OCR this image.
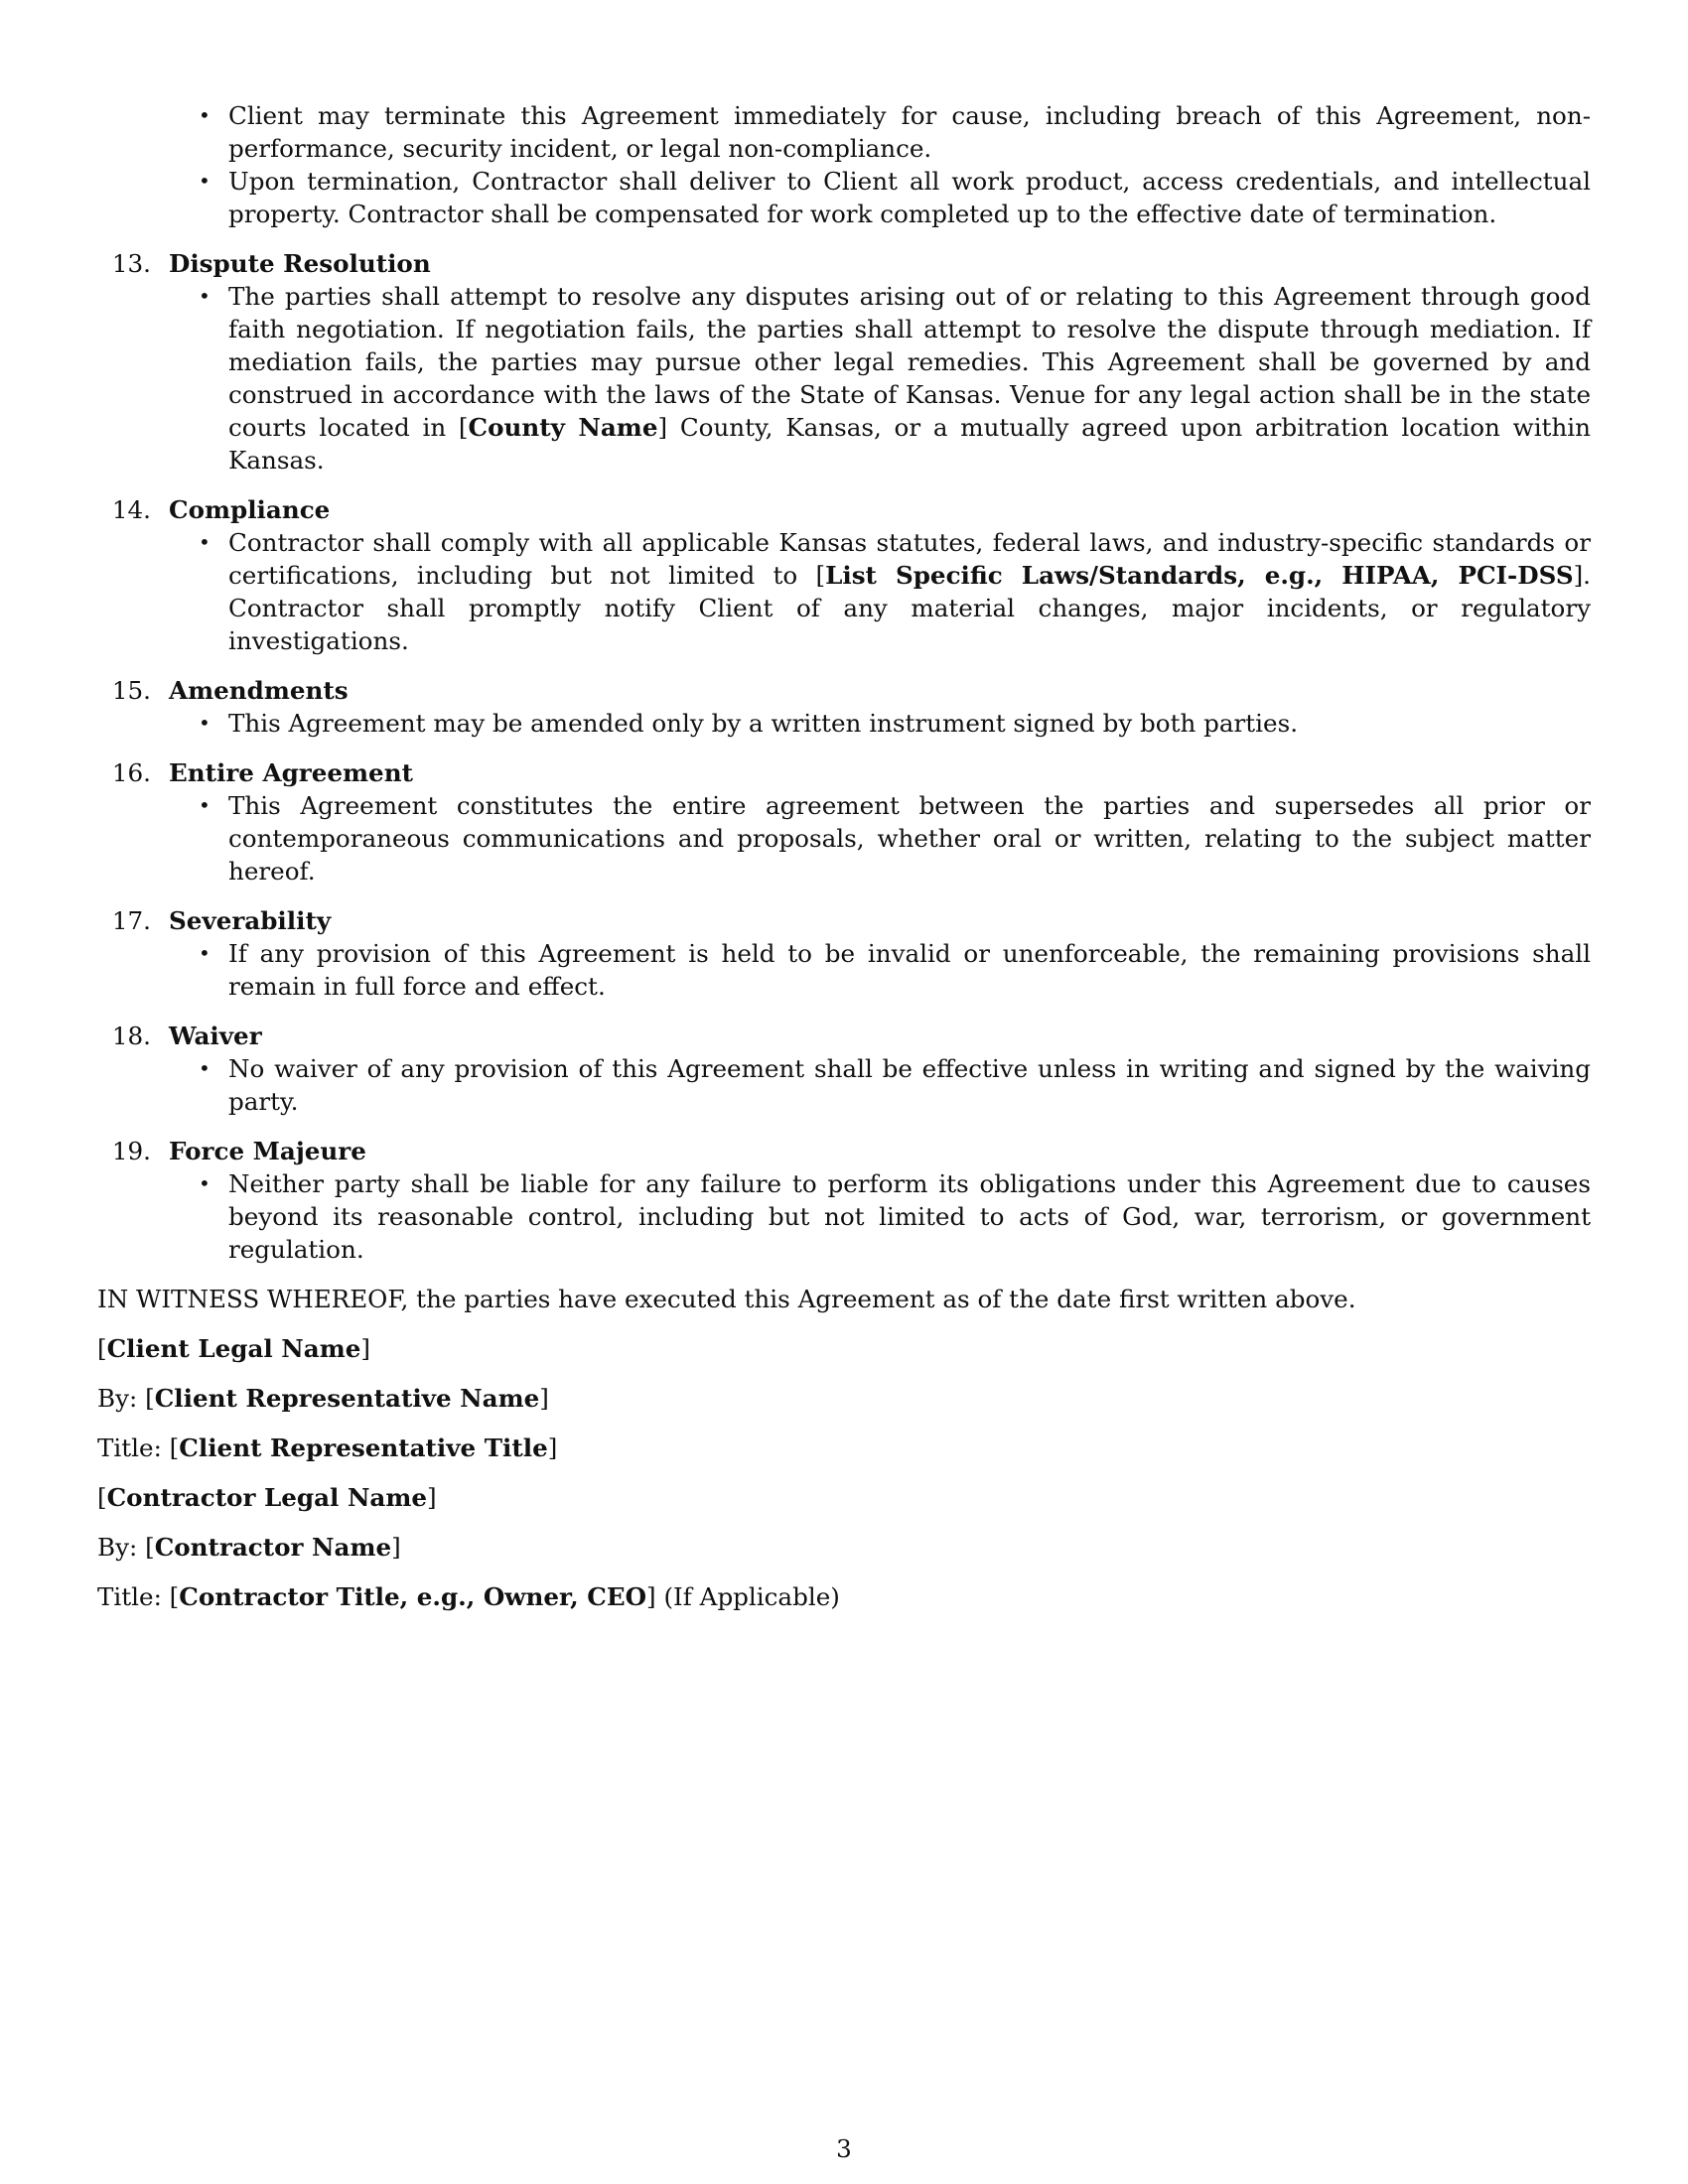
• Client may terminate this Agreement immediately for cause, including breach of this Agreement, non-performance, security incident, or legal non-compliance.
• Upon termination, Contractor shall deliver to Client all work product, access credentials, and intellectual property. Contractor shall be compensated for work completed up to the effective date of termination.
13. Dispute Resolution
• The parties shall attempt to resolve any disputes arising out of or relating to this Agreement through good faith negotiation. If negotiation fails, the parties shall attempt to resolve the dispute through mediation. If mediation fails, the parties may pursue other legal remedies. This Agreement shall be governed by and construed in accordance with the laws of the State of Kansas. Venue for any legal action shall be in the state courts located in [County Name] County, Kansas, or a mutually agreed upon arbitration location within Kansas.
14. Compliance
• Contractor shall comply with all applicable Kansas statutes, federal laws, and industry-specific standards or certifications, including but not limited to [List Specific Laws/Standards, e.g., HIPAA, PCI-DSS]. Contractor shall promptly notify Client of any material changes, major incidents, or regulatory investigations.
15. Amendments
• This Agreement may be amended only by a written instrument signed by both parties.
16. Entire Agreement
• This Agreement constitutes the entire agreement between the parties and supersedes all prior or contemporaneous communications and proposals, whether oral or written, relating to the subject matter hereof.
17. Severability
• If any provision of this Agreement is held to be invalid or unenforceable, the remaining provisions shall remain in full force and effect.
18. Waiver
• No waiver of any provision of this Agreement shall be effective unless in writing and signed by the waiving party.
19. Force Majeure
• Neither party shall be liable for any failure to perform its obligations under this Agreement due to causes beyond its reasonable control, including but not limited to acts of God, war, terrorism, or government regulation.
IN WITNESS WHEREOF, the parties have executed this Agreement as of the date first written above.
[Client Legal Name]
By: [Client Representative Name]
Title: [Client Representative Title]
[Contractor Legal Name]
By: [Contractor Name]
Title: [Contractor Title, e.g., Owner, CEO] (If Applicable)
3
